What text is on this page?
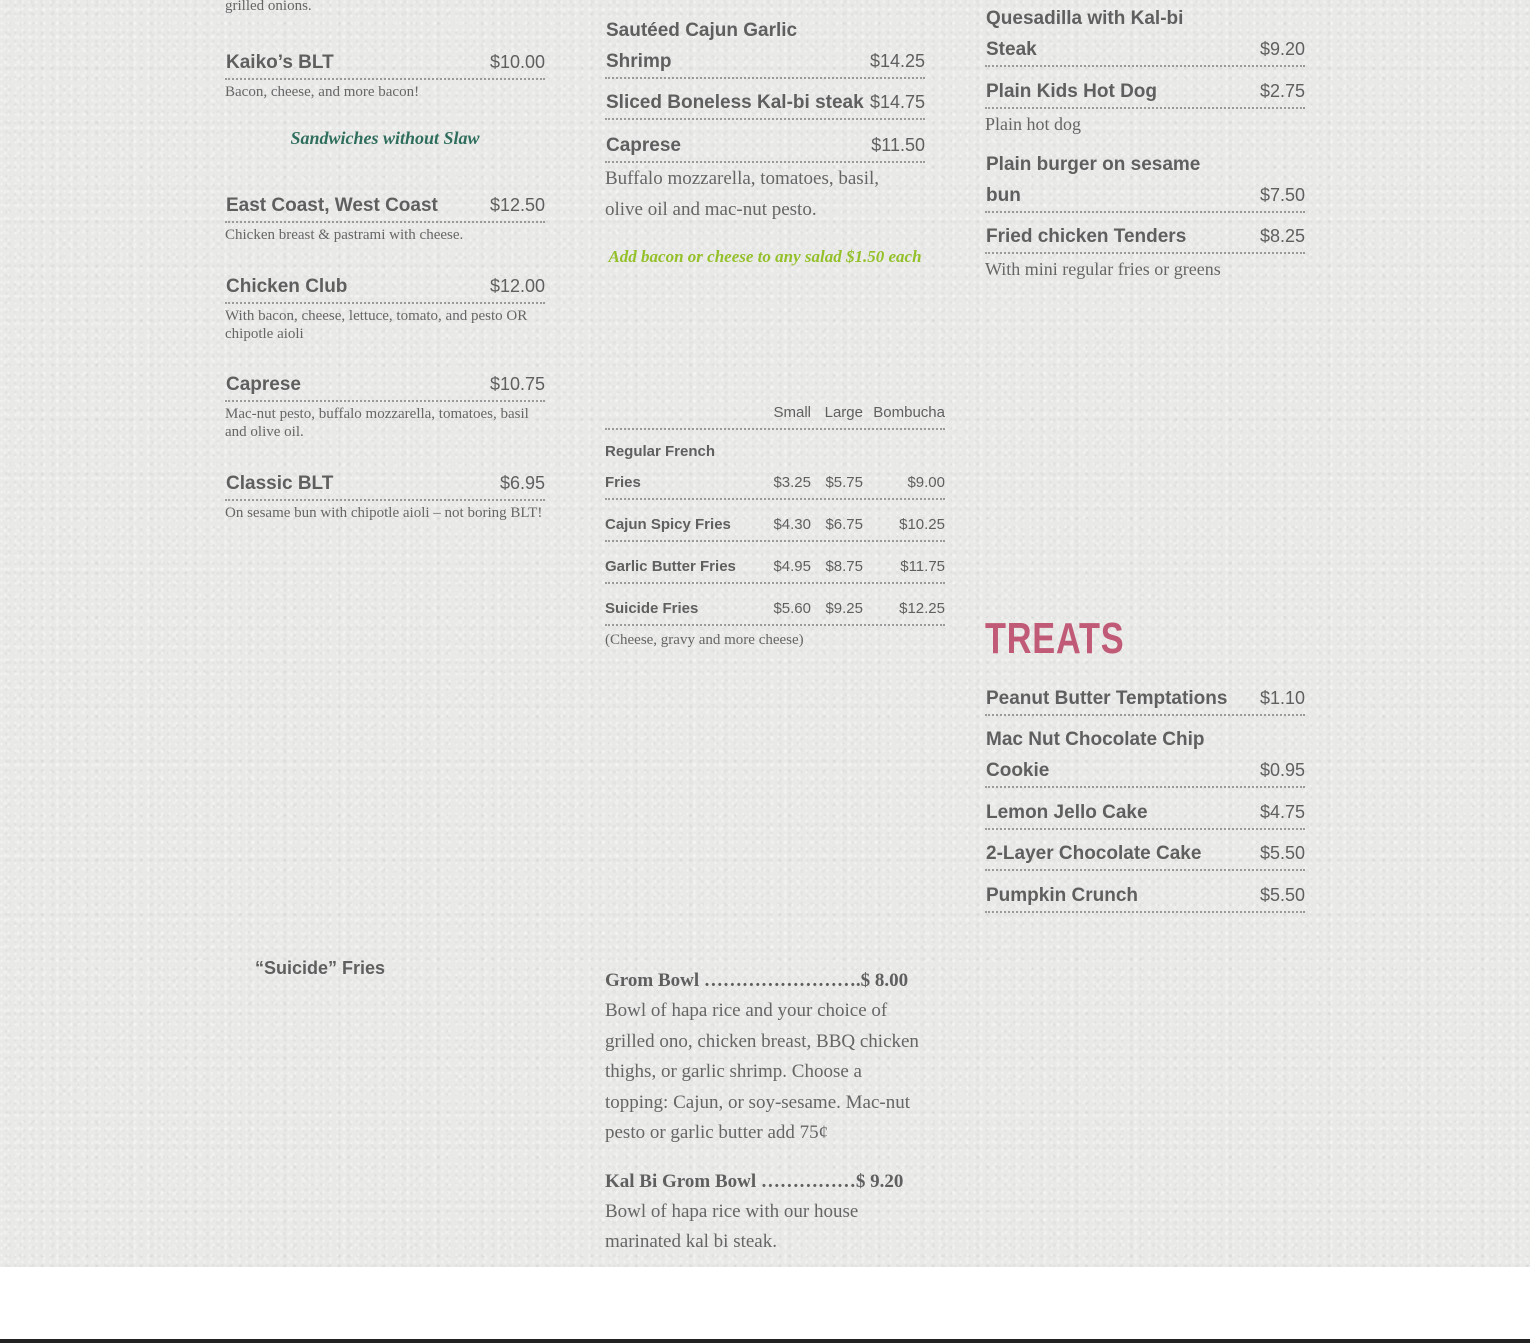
grilled onions.
Kaiko’s BLT	$10.00
Bacon, cheese, and more bacon!
Sandwiches without Slaw
East Coast, West Coast	$12.50
Chicken breast & pastrami with cheese.
Chicken Club	$12.00
With bacon, cheese, lettuce, tomato, and pesto OR chipotle aioli
Caprese	$10.75
Mac-nut pesto, buffalo mozzarella, tomatoes, basil and olive oil.
Classic BLT	$6.95
On sesame bun with chipotle aioli – not boring BLT!
“Suicide” Fries
Sautéed Cajun Garlic Shrimp	$14.25
Sliced Boneless Kal-bi steak $14.75
Caprese	$11.50
Buffalo mozzarella, tomatoes, basil, olive oil and mac-nut pesto.
Add bacon or cheese to any salad $1.50 each
Small Large Bombucha
Regular French Fries	$3.25 $5.75	$9.00
Cajun Spicy Fries	$4.30 $6.75 $10.25
Garlic Butter Fries	$4.95 $8.75 $11.75
Suicide Fries	$5.60 $9.25 $12.25
(Cheese, gravy and more cheese)
Grom Bowl …………………….$ 8.00
Bowl of hapa rice and your choice of grilled ono, chicken breast, BBQ chicken thighs, or garlic shrimp. Choose a topping: Cajun, or soy-sesame. Mac-nut pesto or garlic butter add 75¢
Kal Bi Grom Bowl ……………$ 9.20
Bowl of hapa rice with our house marinated kal bi steak.
Quesadilla with Kal-bi Steak	$9.20
Plain Kids Hot Dog	$2.75
Plain hot dog
Plain burger on sesame bun	$7.50
Fried chicken Tenders	$8.25
With mini regular fries or greens
TREATS
Peanut Butter Temptations $1.10
Mac Nut Chocolate Chip Cookie	$0.95
Lemon Jello Cake	$4.75
2-Layer Chocolate Cake	$5.50
Pumpkin Crunch	$5.50
